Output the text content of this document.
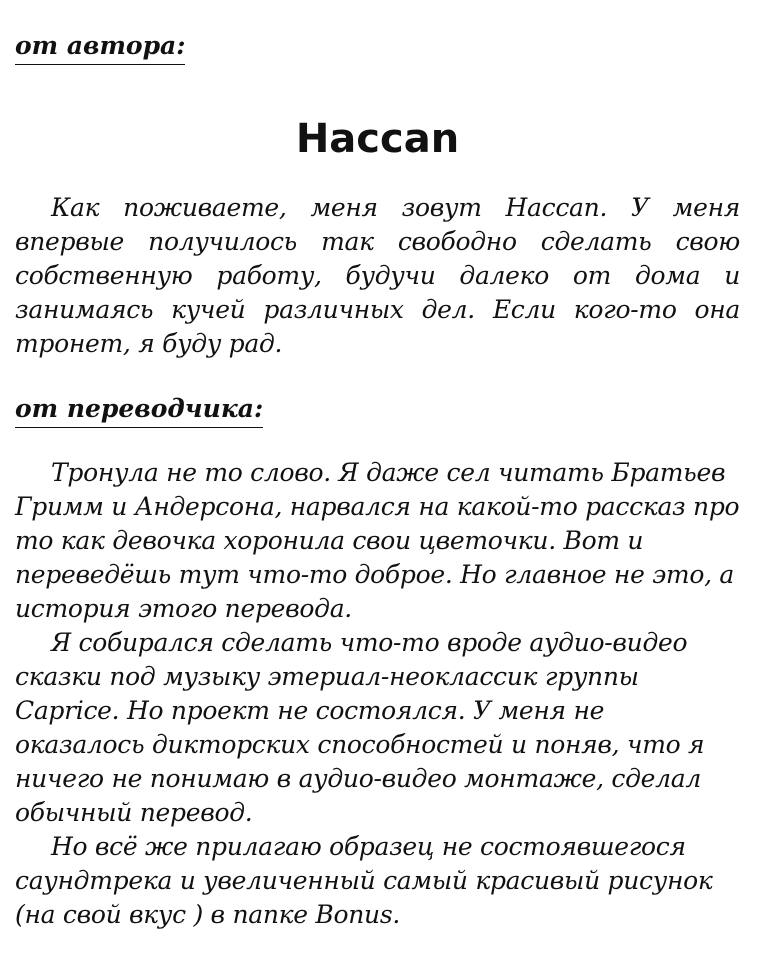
от автора:
Haccan

Как поживаете, меня зовут Haccan. У меня впервые получилось так свободно сделать свою собственную работу, будучи далеко от дома и занимаясь кучей различных дел. Если кого-то она тронет, я буду рад.

от переводчика:

Тронула не то слово. Я даже сел читать Братьев Гримм и Андерсона, нарвался на какой-то рассказ про то как девочка хоронила свои цветочки. Вот и переведёшь тут что-то доброе. Но главное не это, а история этого перевода.

Я собирался сделать что-то вроде аудио-видео сказки под музыку этериал-неоклассик группы Caprice. Но проект не состоялся. У меня не оказалось дикторских способностей и поняв, что я ничего не понимаю в аудио-видео монтаже, сделал обычный перевод.

Но всё же прилагаю образец не состоявшегося саундтрека и увеличенный самый красивый рисунок (на свой вкус ) в папке Bonus.
